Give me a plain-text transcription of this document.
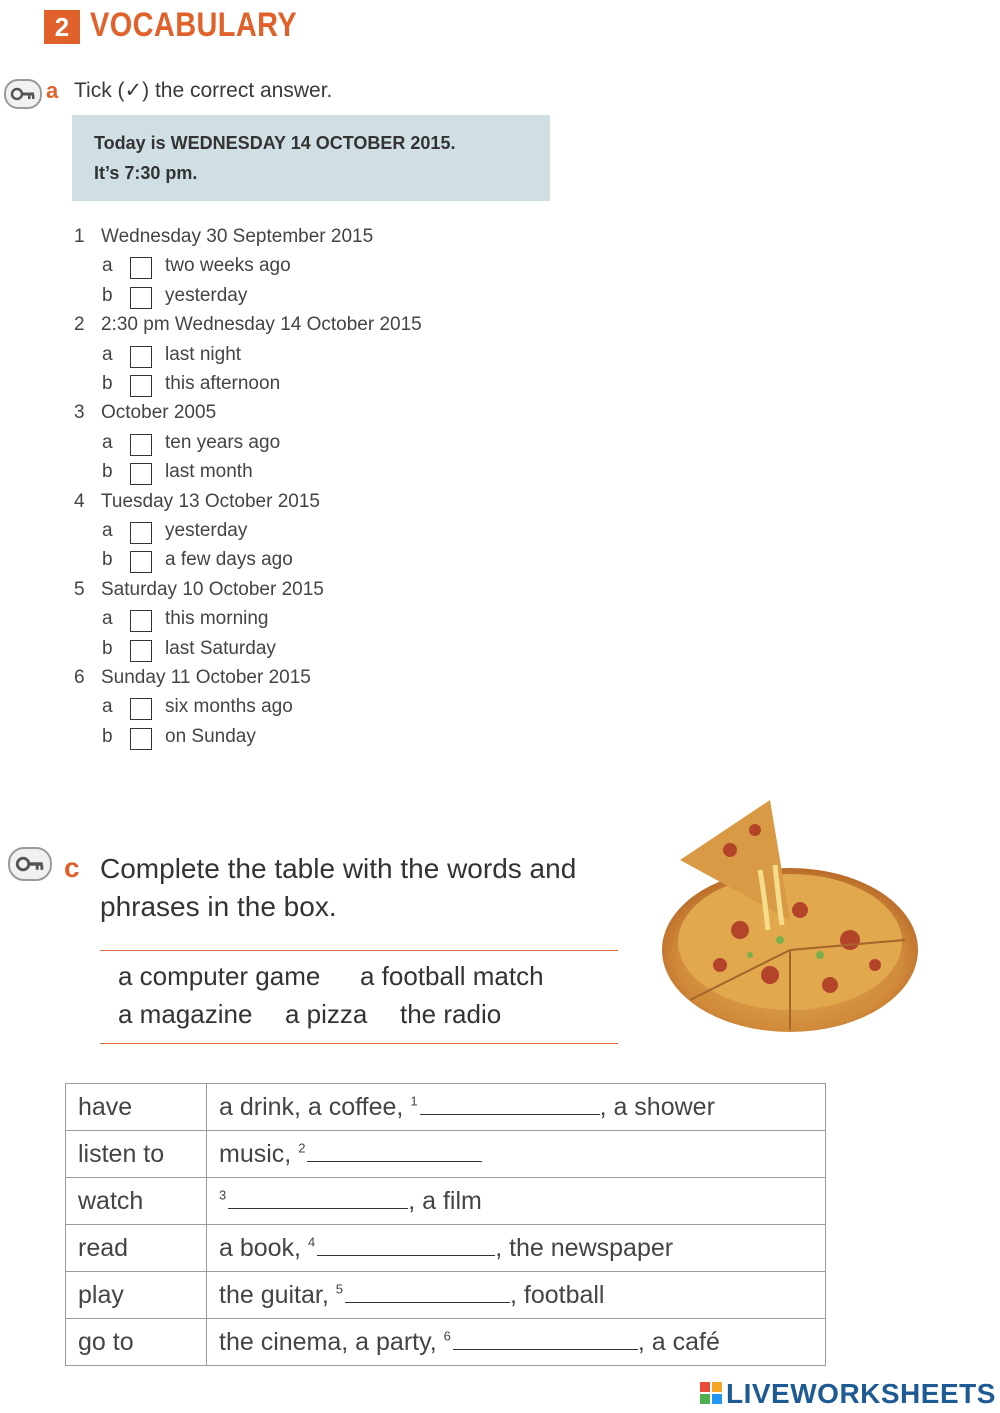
2 VOCABULARY
a Tick (✓) the correct answer.
Today is WEDNESDAY 14 OCTOBER 2015.
It’s 7:30 pm.
1 Wednesday 30 September 2015
a	two weeks ago
b	yesterday
2 2:30 pm Wednesday 14 October 2015
a	last night
b	this afternoon
3 October 2005
a	ten years ago
b	last month
4 Tuesday 13 October 2015
a	yesterday
b	a few days ago
5 Saturday 10 October 2015
a	this morning
b	last Saturday
6 Sunday 11 October 2015
a	six months ago
b	on Sunday
c Complete the table with the words and
phrases in the box.
a computer game a football match
a magazine a pizza the radio
have	a drink, a coffee, $^1$ , a shower
listen to	music, $^2$
watch	$^3$ , a film
read	a book, $^4$ , the newspaper
play	the guitar, $^5$ , football
go to	the cinema, a party, $^6$ , a café
LIVEWORKSHEETS
